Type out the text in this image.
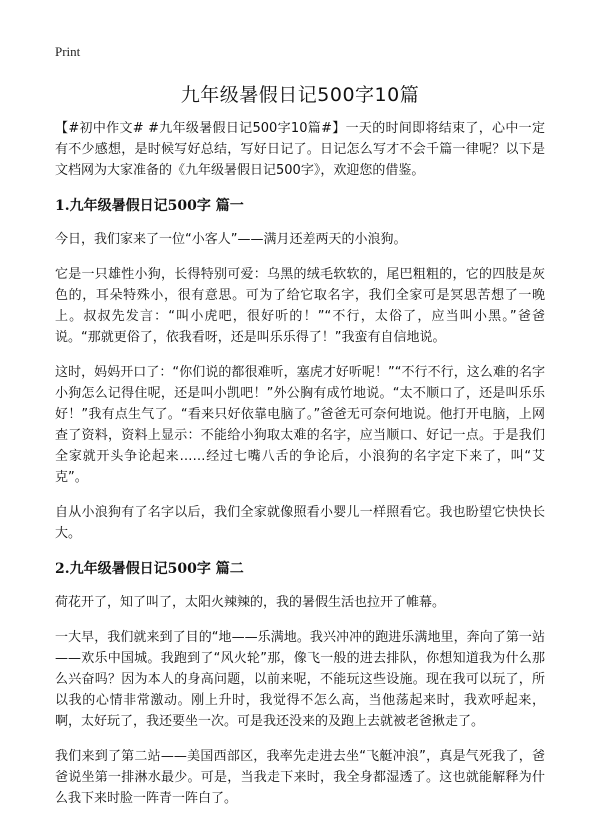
Print
九年级暑假日记500字10篇

【#初中作文# #九年级暑假日记500字10篇#】一天的时间即将结束了，心中一定有不少感想，是时候写好总结，写好日记了。日记怎么写才不会千篇一律呢？以下是文档网为大家准备的《九年级暑假日记500字》，欢迎您的借鉴。

1.九年级暑假日记500字 篇一

今日，我们家来了一位“小客人”——满月还差两天的小浪狗。

它是一只雄性小狗，长得特别可爱：乌黑的绒毛软软的，尾巴粗粗的，它的四肢是灰色的，耳朵特殊小，很有意思。可为了给它取名字，我们全家可是冥思苦想了一晚上。叔叔先发言：“叫小虎吧，很好听的！”“不行，太俗了，应当叫小黑。”爸爸说。“那就更俗了，依我看呀，还是叫乐乐得了！”我蛮有自信地说。

这时，妈妈开口了：“你们说的都很难听，塞虎才好听呢！”“不行不行，这么难的名字小狗怎么记得住呢，还是叫小凯吧！”外公胸有成竹地说。“太不顺口了，还是叫乐乐好！”我有点生气了。“看来只好依靠电脑了。”爸爸无可奈何地说。他打开电脑，上网查了资料，资料上显示：不能给小狗取太难的名字，应当顺口、好记一点。于是我们全家就开头争论起来……经过七嘴八舌的争论后，小浪狗的名字定下来了，叫“艾克”。

自从小浪狗有了名字以后，我们全家就像照看小婴儿一样照看它。我也盼望它快快长大。

2.九年级暑假日记500字 篇二

荷花开了，知了叫了，太阳火辣辣的，我的暑假生活也拉开了帷幕。

一大早，我们就来到了目的“地——乐满地。我兴冲冲的跑进乐满地里，奔向了第一站——欢乐中国城。我跑到了“风火轮”那，像飞一般的进去排队，你想知道我为什么那么兴奋吗？因为本人的身高问题，以前来呢，不能玩这些设施。现在我可以玩了，所以我的心情非常激动。刚上升时，我觉得不怎么高，当他荡起来时，我欢呼起来，啊，太好玩了，我还要坐一次。可是我还没来的及跑上去就被老爸揪走了。

我们来到了第二站——美国西部区，我率先走进去坐“飞艇冲浪”，真是气死我了，爸爸说坐第一排淋水最少。可是，当我走下来时，我全身都湿透了。这也就能解释为什么我下来时脸一阵青一阵白了。
